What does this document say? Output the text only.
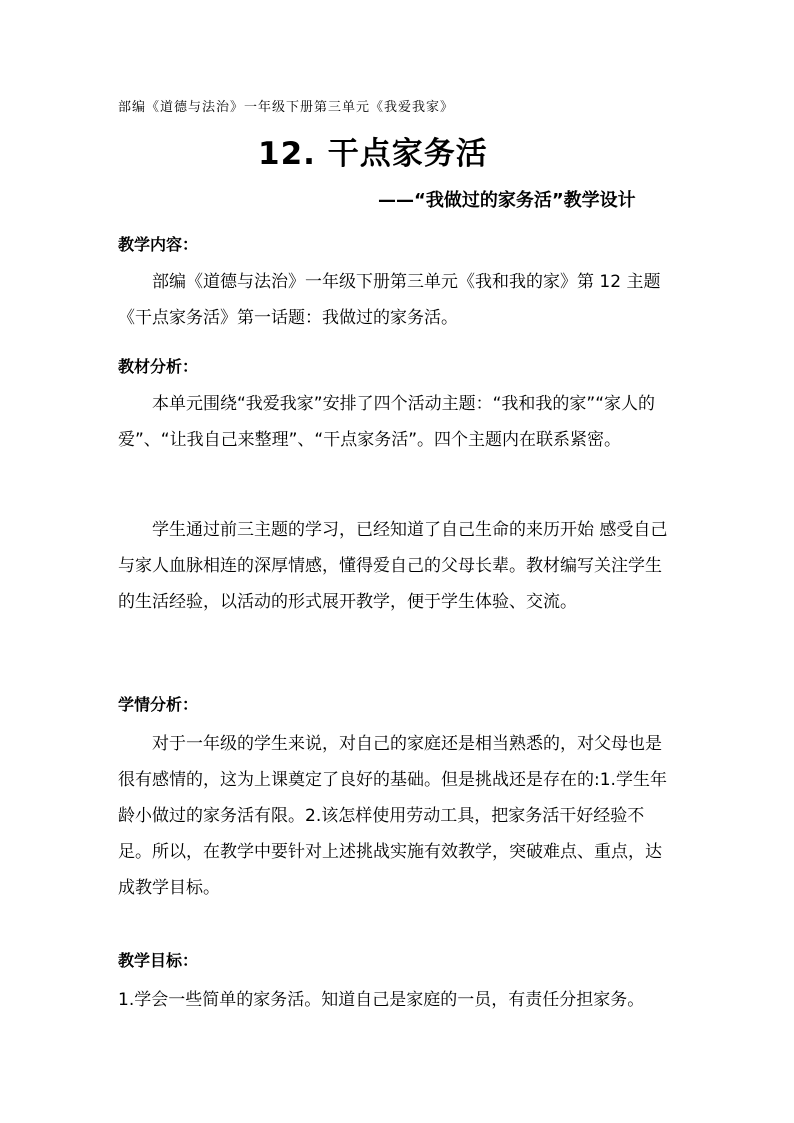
部编《道德与法治》一年级下册第三单元《我爱我家》
12. 干点家务活
——“我做过的家务活”教学设计
教学内容：

部编《道德与法治》一年级下册第三单元《我和我的家》第 12 主题《干点家务活》第一话题：我做过的家务活。

教材分析：

本单元围绕“我爱我家”安排了四个活动主题：“我和我的家”“家人的爱”、“让我自己来整理”、“干点家务活”。四个主题内在联系紧密。

学生通过前三主题的学习，已经知道了自己生命的来历开始 感受自己与家人血脉相连的深厚情感，懂得爱自己的父母长辈。教材编写关注学生的生活经验，以活动的形式展开教学，便于学生体验、交流。

学情分析：

对于一年级的学生来说，对自己的家庭还是相当熟悉的，对父母也是很有感情的，这为上课奠定了良好的基础。但是挑战还是存在的:1.学生年龄小做过的家务活有限。2.该怎样使用劳动工具，把家务活干好经验不足。所以，在教学中要针对上述挑战实施有效教学，突破难点、重点，达成教学目标。

教学目标：

1.学会一些简单的家务活。知道自己是家庭的一员，有责任分担家务。
